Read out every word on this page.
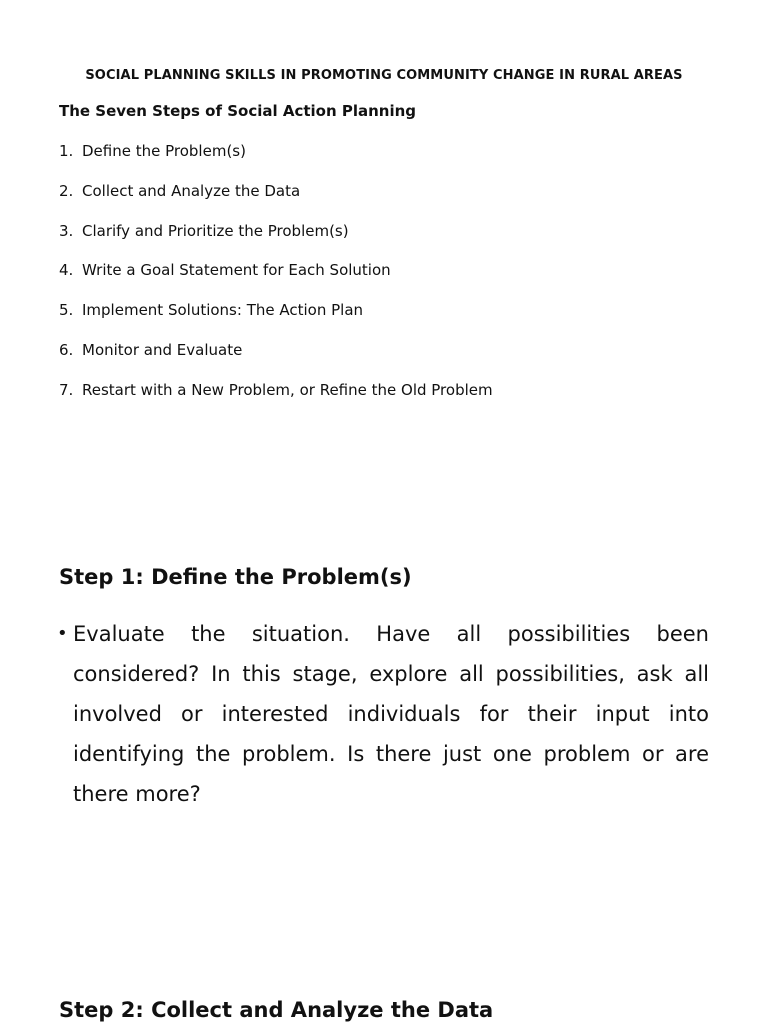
SOCIAL PLANNING SKILLS IN PROMOTING COMMUNITY CHANGE IN RURAL AREAS
The Seven Steps of Social Action Planning
1. Define the Problem(s)
2. Collect and Analyze the Data
3. Clarify and Prioritize the Problem(s)
4. Write a Goal Statement for Each Solution
5. Implement Solutions: The Action Plan
6. Monitor and Evaluate
7. Restart with a New Problem, or Refine the Old Problem
Step 1: Define the Problem(s)
• Evaluate the situation. Have all possibilities been considered? In this stage, explore all possibilities, ask all involved or interested individuals for their input into identifying the problem. Is there just one problem or are there more?

Step 2: Collect and Analyze the Data
